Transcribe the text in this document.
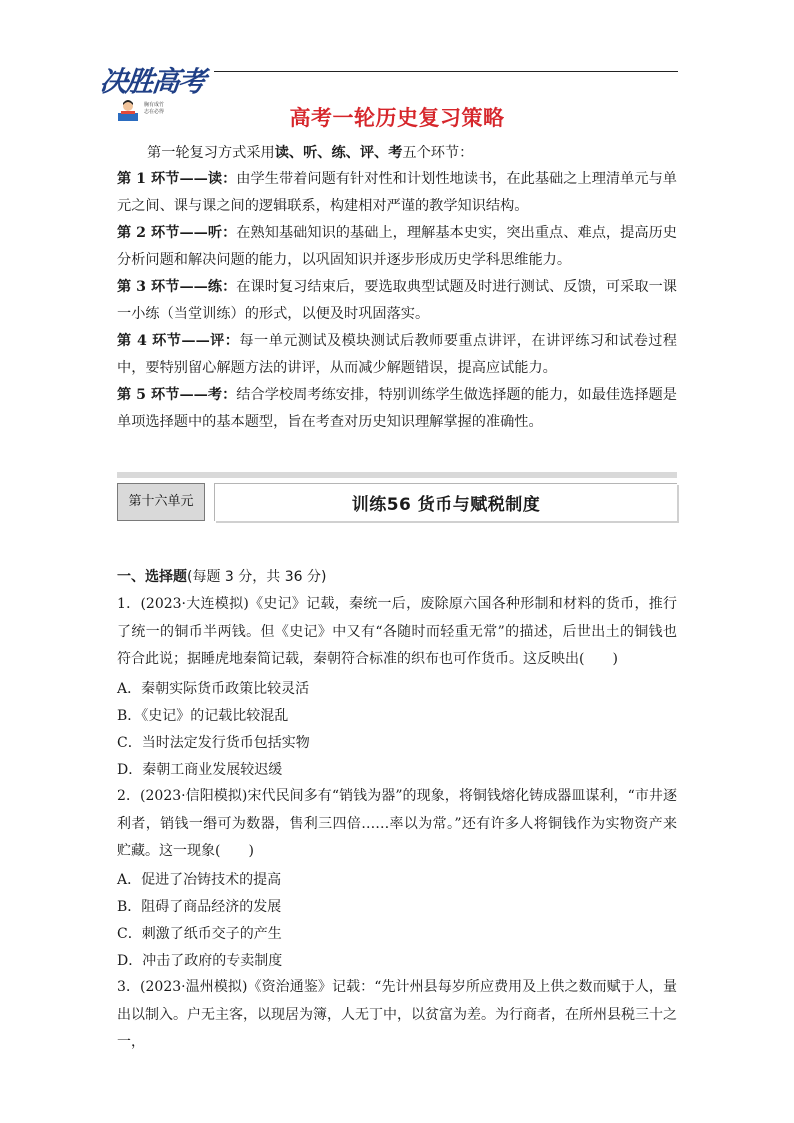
决胜高考
胸有成竹
志在必得	高考一轮历史复习策略

第一轮复习方式采用读、听、练、评、考五个环节：

第 1 环节——读：由学生带着问题有针对性和计划性地读书，在此基础之上理清单元与单元之间、课与课之间的逻辑联系，构建相对严谨的教学知识结构。

第 2 环节——听：在熟知基础知识的基础上，理解基本史实，突出重点、难点，提高历史分析问题和解决问题的能力，以巩固知识并逐步形成历史学科思维能力。

第 3 环节——练：在课时复习结束后，要选取典型试题及时进行测试、反馈，可采取一课一小练（当堂训练）的形式，以便及时巩固落实。

第 4 环节——评：每一单元测试及模块测试后教师要重点讲评，在讲评练习和试卷过程中，要特别留心解题方法的讲评，从而减少解题错误，提高应试能力。

第 5 环节——考：结合学校周考练安排，特别训练学生做选择题的能力，如最佳选择题是单项选择题中的基本题型，旨在考查对历史知识理解掌握的准确性。

第十六单元	训练56 货币与赋税制度
一、选择题(每题 3 分，共 36 分)

1．(2023·大连模拟)《史记》记载，秦统一后，废除原六国各种形制和材料的货币，推行了统一的铜币半两钱。但《史记》中又有“各随时而轻重无常”的描述，后世出土的铜钱也符合此说；据睡虎地秦简记载，秦朝符合标准的织布也可作货币。这反映出(　　)

A．秦朝实际货币政策比较灵活

B．《史记》的记载比较混乱

C．当时法定发行货币包括实物

D．秦朝工商业发展较迟缓

2．(2023·信阳模拟)宋代民间多有“销钱为器”的现象，将铜钱熔化铸成器皿谋利，“市井逐利者，销钱一缗可为数器，售利三四倍……率以为常。”还有许多人将铜钱作为实物资产来贮藏。这一现象(　　)

A．促进了冶铸技术的提高

B．阻碍了商品经济的发展

C．刺激了纸币交子的产生

D．冲击了政府的专卖制度

3．(2023·温州模拟)《资治通鉴》记载：“先计州县每岁所应费用及上供之数而赋于人，量出以制入。户无主客，以现居为簿，人无丁中，以贫富为差。为行商者，在所州县税三十之一，
